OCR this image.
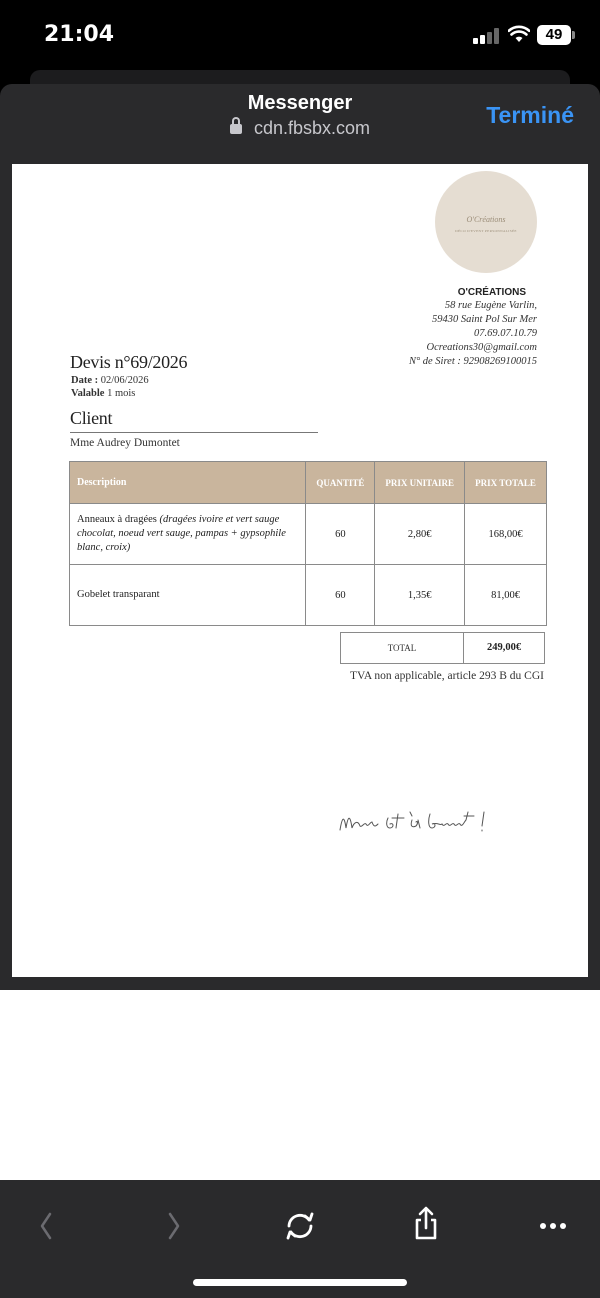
21:04	49
Messenger
cdn.fbsbx.com	Terminé
O'Créations
DÉCO D'EVENT PERSONNALISÉE
O'CRÉATIONS
58 rue Eugène Varlin,
59430 Saint Pol Sur Mer
07.69.07.10.79
Ocreations30@gmail.com
N° de Siret : 92908269100015
Devis n°69/2026
Date : 02/06/2026
Valable 1 mois
Client
Mme Audrey Dumontet
Description	QUANTITÉ	PRIX UNITAIRE	PRIX TOTALE
Anneaux à dragées (dragées ivoire et vert sauge chocolat, noeud vert sauge, pampas + gypsophile blanc, croix)	60	2,80€	168,00€
Gobelet transparant	60	1,35€	81,00€
TOTAL	249,00€
TVA non applicable, article 293 B du CGI
